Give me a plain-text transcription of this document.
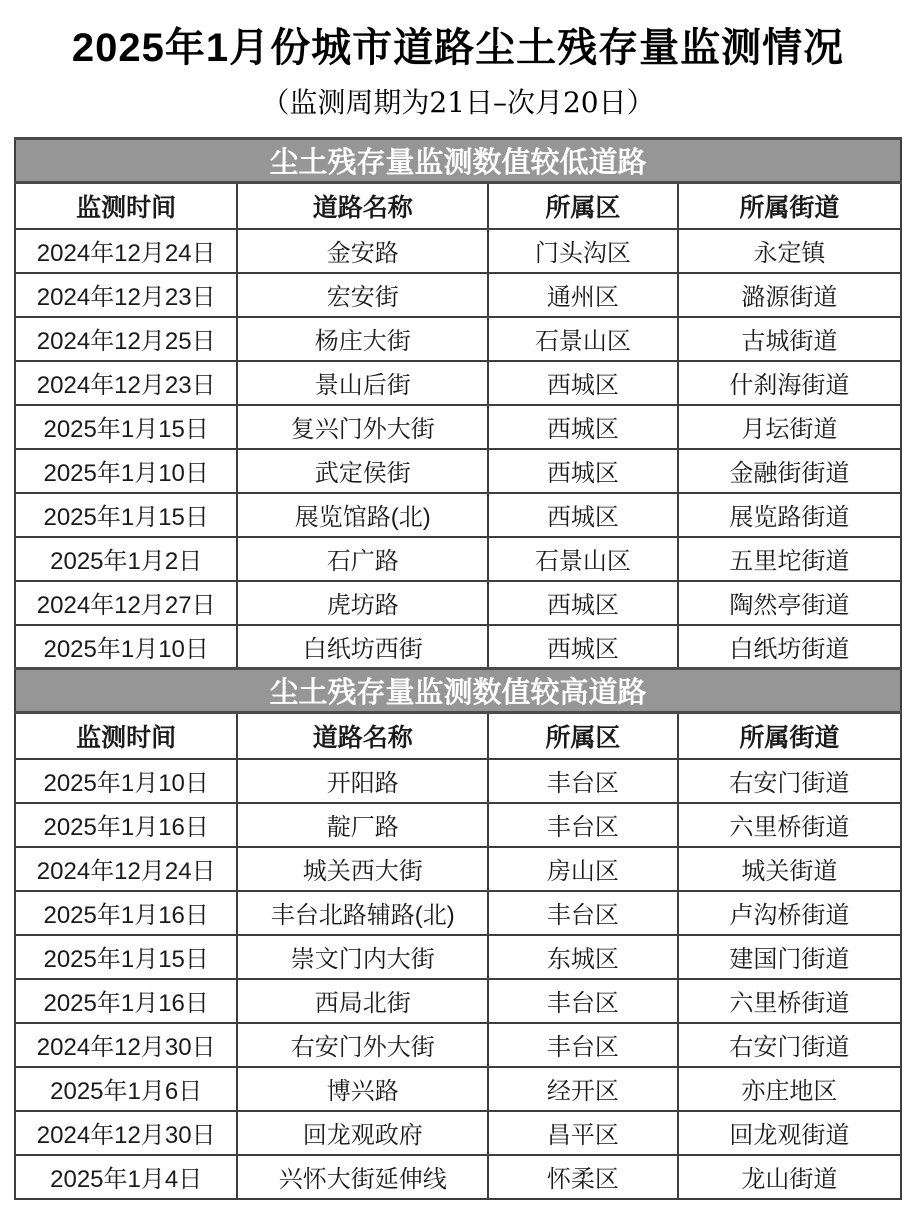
2025年1月份城市道路尘土残存量监测情况
（监测周期为21日–次月20日）
尘土残存量监测数值较低道路			
监测时间	道路名称	所属区	所属街道
2024年12月24日	金安路	门头沟区	永定镇
2024年12月23日	宏安街	通州区	潞源街道
2024年12月25日	杨庄大街	石景山区	古城街道
2024年12月23日	景山后街	西城区	什刹海街道
2025年1月15日	复兴门外大街	西城区	月坛街道
2025年1月10日	武定侯街	西城区	金融街街道
2025年1月15日	展览馆路(北)	西城区	展览路街道
2025年1月2日	石广路	石景山区	五里坨街道
2024年12月27日	虎坊路	西城区	陶然亭街道
2025年1月10日	白纸坊西街	西城区	白纸坊街道
尘土残存量监测数值较高道路			
监测时间	道路名称	所属区	所属街道
2025年1月10日	开阳路	丰台区	右安门街道
2025年1月16日	靛厂路	丰台区	六里桥街道
2024年12月24日	城关西大街	房山区	城关街道
2025年1月16日	丰台北路辅路(北)	丰台区	卢沟桥街道
2025年1月15日	崇文门内大街	东城区	建国门街道
2025年1月16日	西局北街	丰台区	六里桥街道
2024年12月30日	右安门外大街	丰台区	右安门街道
2025年1月6日	博兴路	经开区	亦庄地区
2024年12月30日	回龙观政府	昌平区	回龙观街道
2025年1月4日	兴怀大街延伸线	怀柔区	龙山街道
